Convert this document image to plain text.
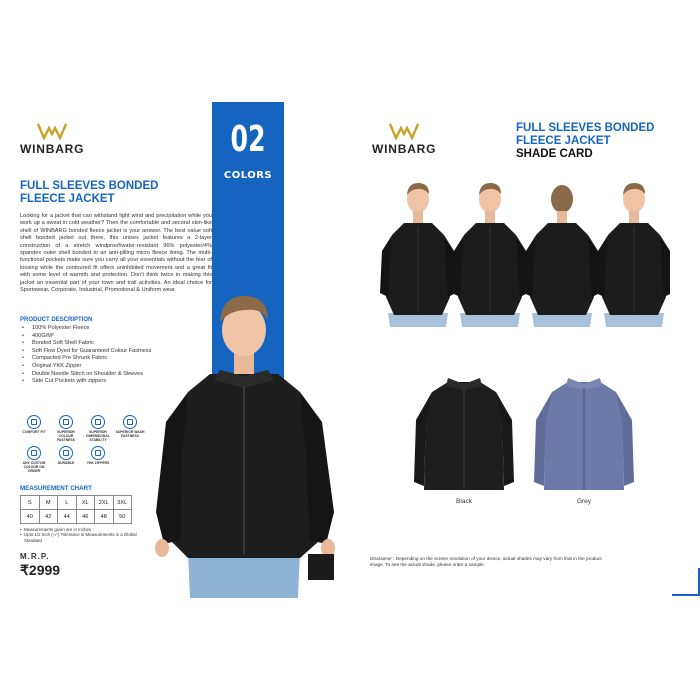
WINBARG	02
COLORS
FULL SLEEVES BONDED
FLEECE JACKET
Looking for a jacket that can withstand light wind and precipitation while you work up a sweat in cold weather? Then the comfortable and second skin-like shell of WINBARG bonded fleece jacket is your answer. The best value soft shell bonded jacket out there, this unisex jacket features a 2-layer construction of a stretch windproof/water-resistant 96% polyester/4% spandex outer shell bonded to an anti-pilling micro fleece lining. The multi-functional pockets make sure you carry all your essentials without the fear of loosing while the contoured fit offers uninhibited movement and a great fit with some level of warmth and protection. Don't think twice in making this jacket an essential part of your town and trail activities. An ideal choice for Sportswear, Corporate, Industrial, Promotional & Uniform wear.
PRODUCT DESCRIPTION
• 100% Polyester Fleece
• 400G/M²
• Bonded Soft Shell Fabric
• Soft Flow Dyed for Guaranteed Colour Fastness
• Compacted Pre Shrunk Fabric
• Original YKK Zipper
• Double Needle Stitch on Shoulder & Sleeves
• Side Cut Pockets with zippers
COMFORT FIT	SUPERIOR COLOUR FASTNESS
SUPERIOR DIMENSIONAL STABILITY
SUPERIOR WASH FASTNESS
ANY CUSTOM COLOUR ON ORDER
DURABLE	YKK ZIPPERS
MEASUREMENT CHART
S	M	L	XL	2XL	3XL
40	42	44	46	48	50
• Measurements given are in Inches
• Upto 1/2 Inch (+/-) Tolerance in Measurements is a Global Standard
M.R.P.
₹2999
WINBARG
FULL SLEEVES BONDED
FLEECE JACKET
SHADE CARD
Black	Grey
Disclaimer : Depending on the screen resolution of your device, actual shades may vary from that in the product image. To see the actual shade, please order a sample.
